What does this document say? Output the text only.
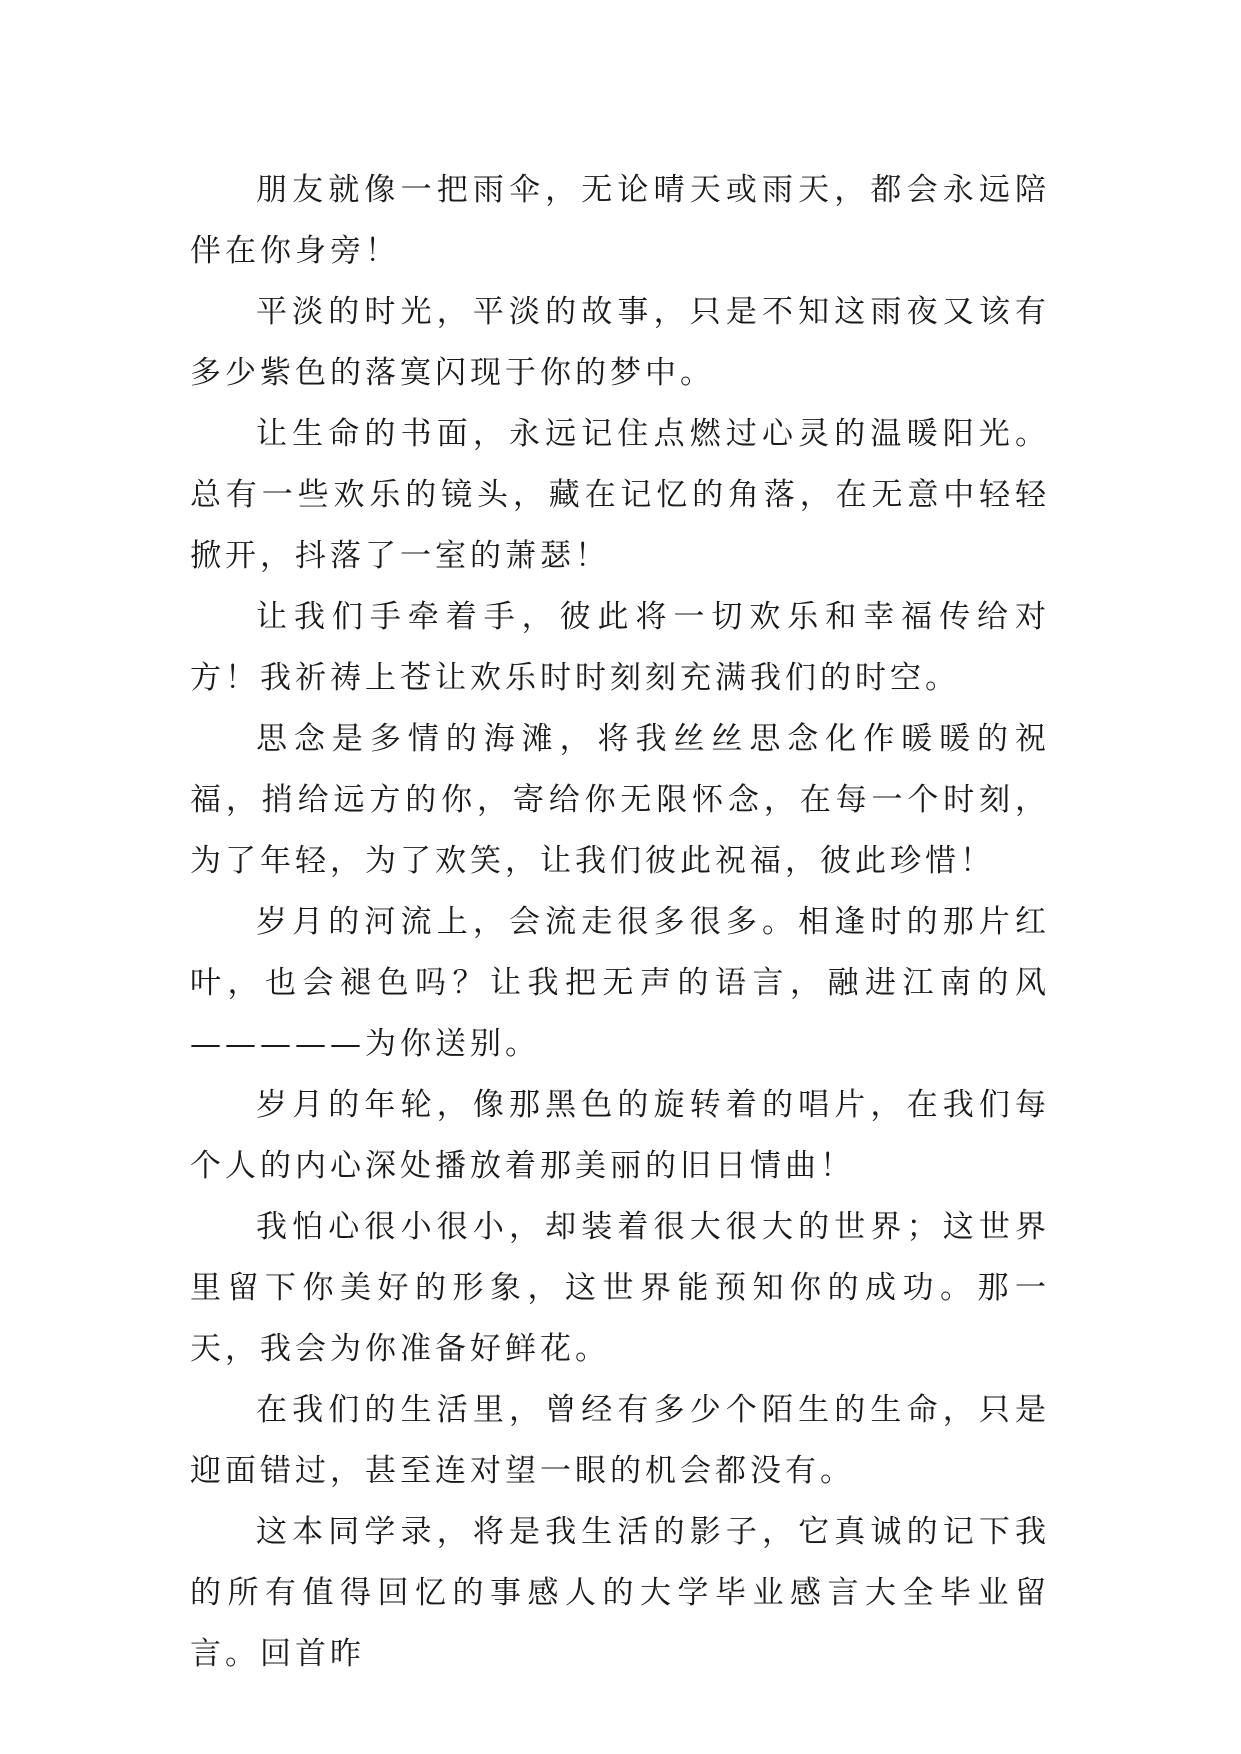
朋友就像一把雨伞，无论晴天或雨天，都会永远陪伴在你身旁！

平淡的时光，平淡的故事，只是不知这雨夜又该有多少紫色的落寞闪现于你的梦中。

让生命的书面，永远记住点燃过心灵的温暖阳光。总有一些欢乐的镜头，藏在记忆的角落，在无意中轻轻掀开，抖落了一室的萧瑟！

让我们手牵着手，彼此将一切欢乐和幸福传给对方！我祈祷上苍让欢乐时时刻刻充满我们的时空。

思念是多情的海滩，将我丝丝思念化作暖暖的祝福，捎给远方的你，寄给你无限怀念，在每一个时刻，为了年轻，为了欢笑，让我们彼此祝福，彼此珍惜！

岁月的河流上，会流走很多很多。相逢时的那片红叶，也会褪色吗？让我把无声的语言，融进江南的风—————为你送别。

岁月的年轮，像那黑色的旋转着的唱片，在我们每个人的内心深处播放着那美丽的旧日情曲！

我怕心很小很小，却装着很大很大的世界；这世界里留下你美好的形象，这世界能预知你的成功。那一天，我会为你准备好鲜花。

在我们的生活里，曾经有多少个陌生的生命，只是迎面错过，甚至连对望一眼的机会都没有。

这本同学录，将是我生活的影子，它真诚的记下我的所有值得回忆的事感人的大学毕业感言大全毕业留言。回首昨
